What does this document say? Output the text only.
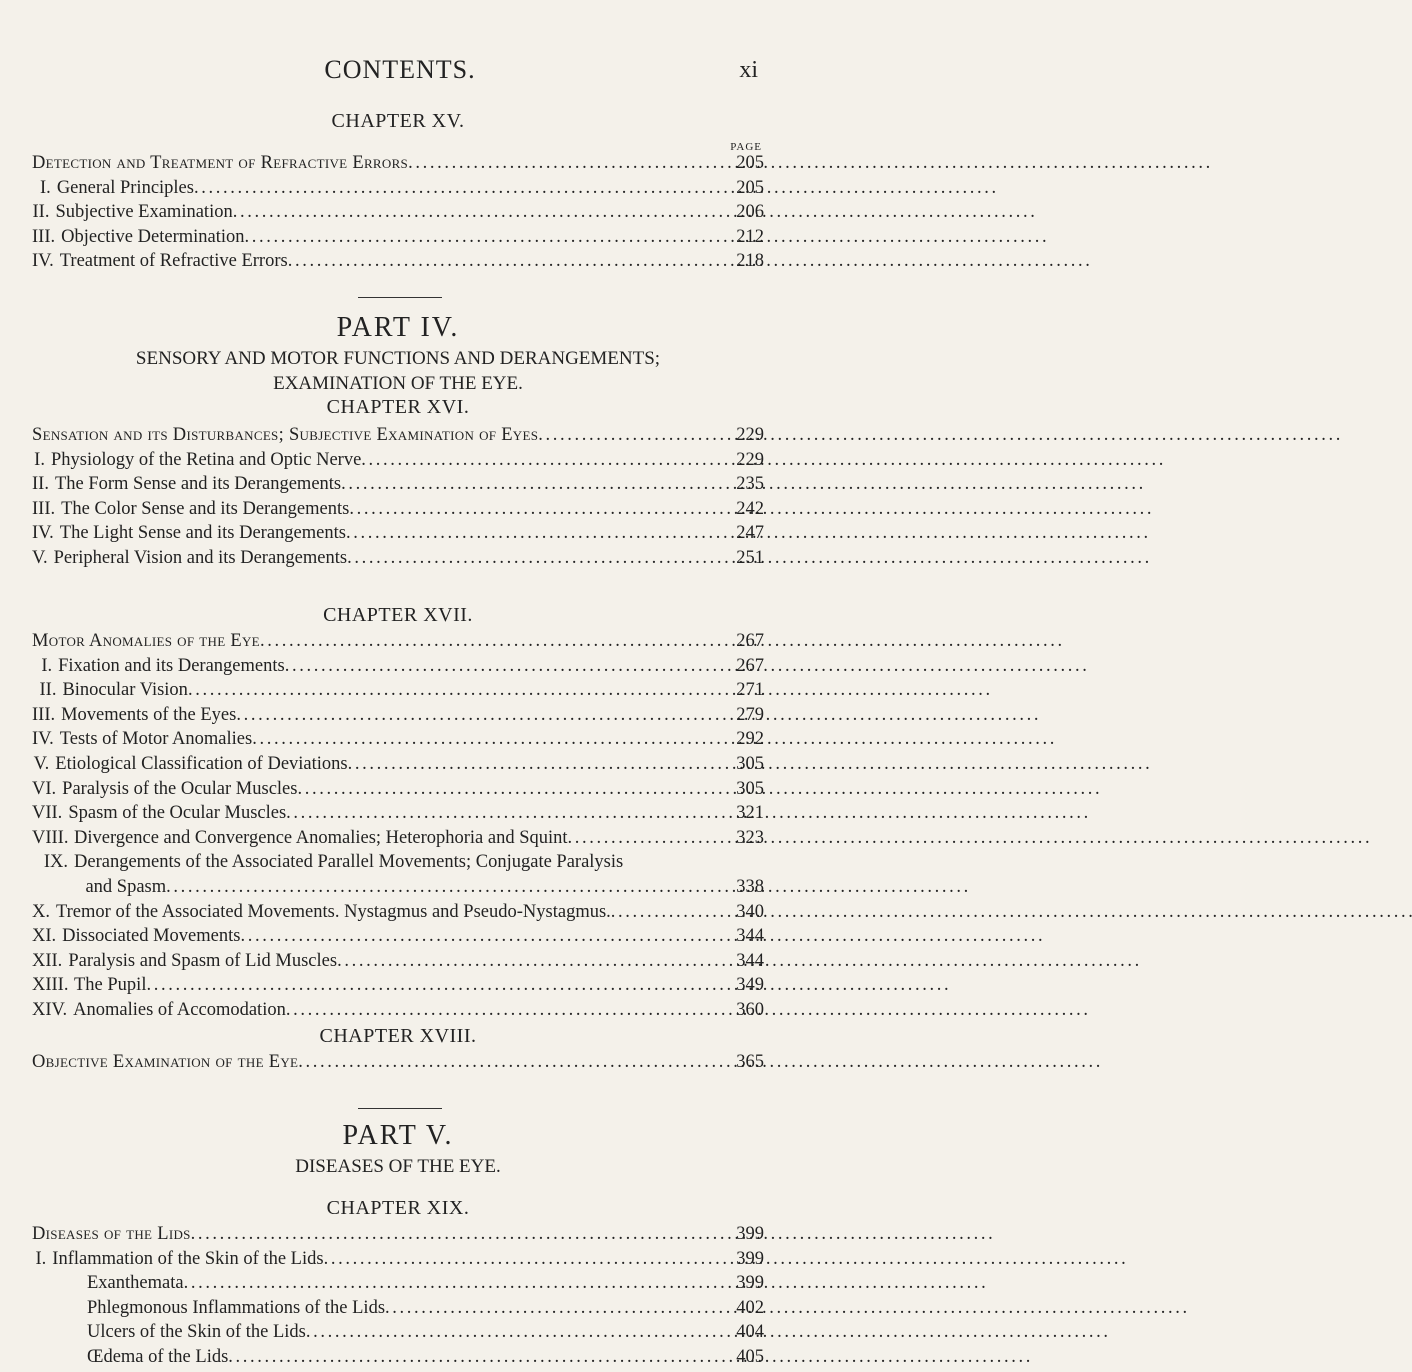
CONTENTS.	xi

CHAPTER XV.

PAGE

Detection and Treatment of Refractive Errors . . .	205
I. General Principles . . .	205
II. Subjective Examination . . .	206
III. Objective Determination . . .	212
IV. Treatment of Refractive Errors . . .	218

PART IV.

SENSORY AND MOTOR FUNCTIONS AND DERANGEMENTS;

EXAMINATION OF THE EYE.

CHAPTER XVI.

Sensation and its Disturbances; Subjective Examination of Eyes . . .	229
I. Physiology of the Retina and Optic Nerve . . .	229
II. The Form Sense and its Derangements . . .	235
III. The Color Sense and its Derangements . . .	242
IV. The Light Sense and its Derangements . . .	247
V. Peripheral Vision and its Derangements . . .	251

CHAPTER XVII.

Motor Anomalies of the Eye . . .	267
I. Fixation and its Derangements . . .	267
II. Binocular Vision . . .	271
III. Movements of the Eyes . . .	279
IV. Tests of Motor Anomalies . . .	292
V. Etiological Classification of Deviations . . .	305
VI. Paralysis of the Ocular Muscles . . .	305
VII. Spasm of the Ocular Muscles . . .	321
VIII. Divergence and Convergence Anomalies; Heterophoria and Squint . . .	323
IX. Derangements of the Associated Parallel Movements; Conjugate Paralysis
and Spasm . . .	338
X. Tremor of the Associated Movements. Nystagmus and Pseudo-Nystagmus. . . .	340
XI. Dissociated Movements . . .	344
XII. Paralysis and Spasm of Lid Muscles . . .	344
XIII. The Pupil . . .	349
XIV. Anomalies of Accomodation . . .	360

CHAPTER XVIII.

Objective Examination of the Eye . . .	365

PART V.

DISEASES OF THE EYE.

CHAPTER XIX.

Diseases of the Lids . . .	399
I. Inflammation of the Skin of the Lids . . .	399
Exanthemata . . .	399
Phlegmonous Inflammations of the Lids . . .	402
Ulcers of the Skin of the Lids . . .	404
Œdema of the Lids . . .	405
